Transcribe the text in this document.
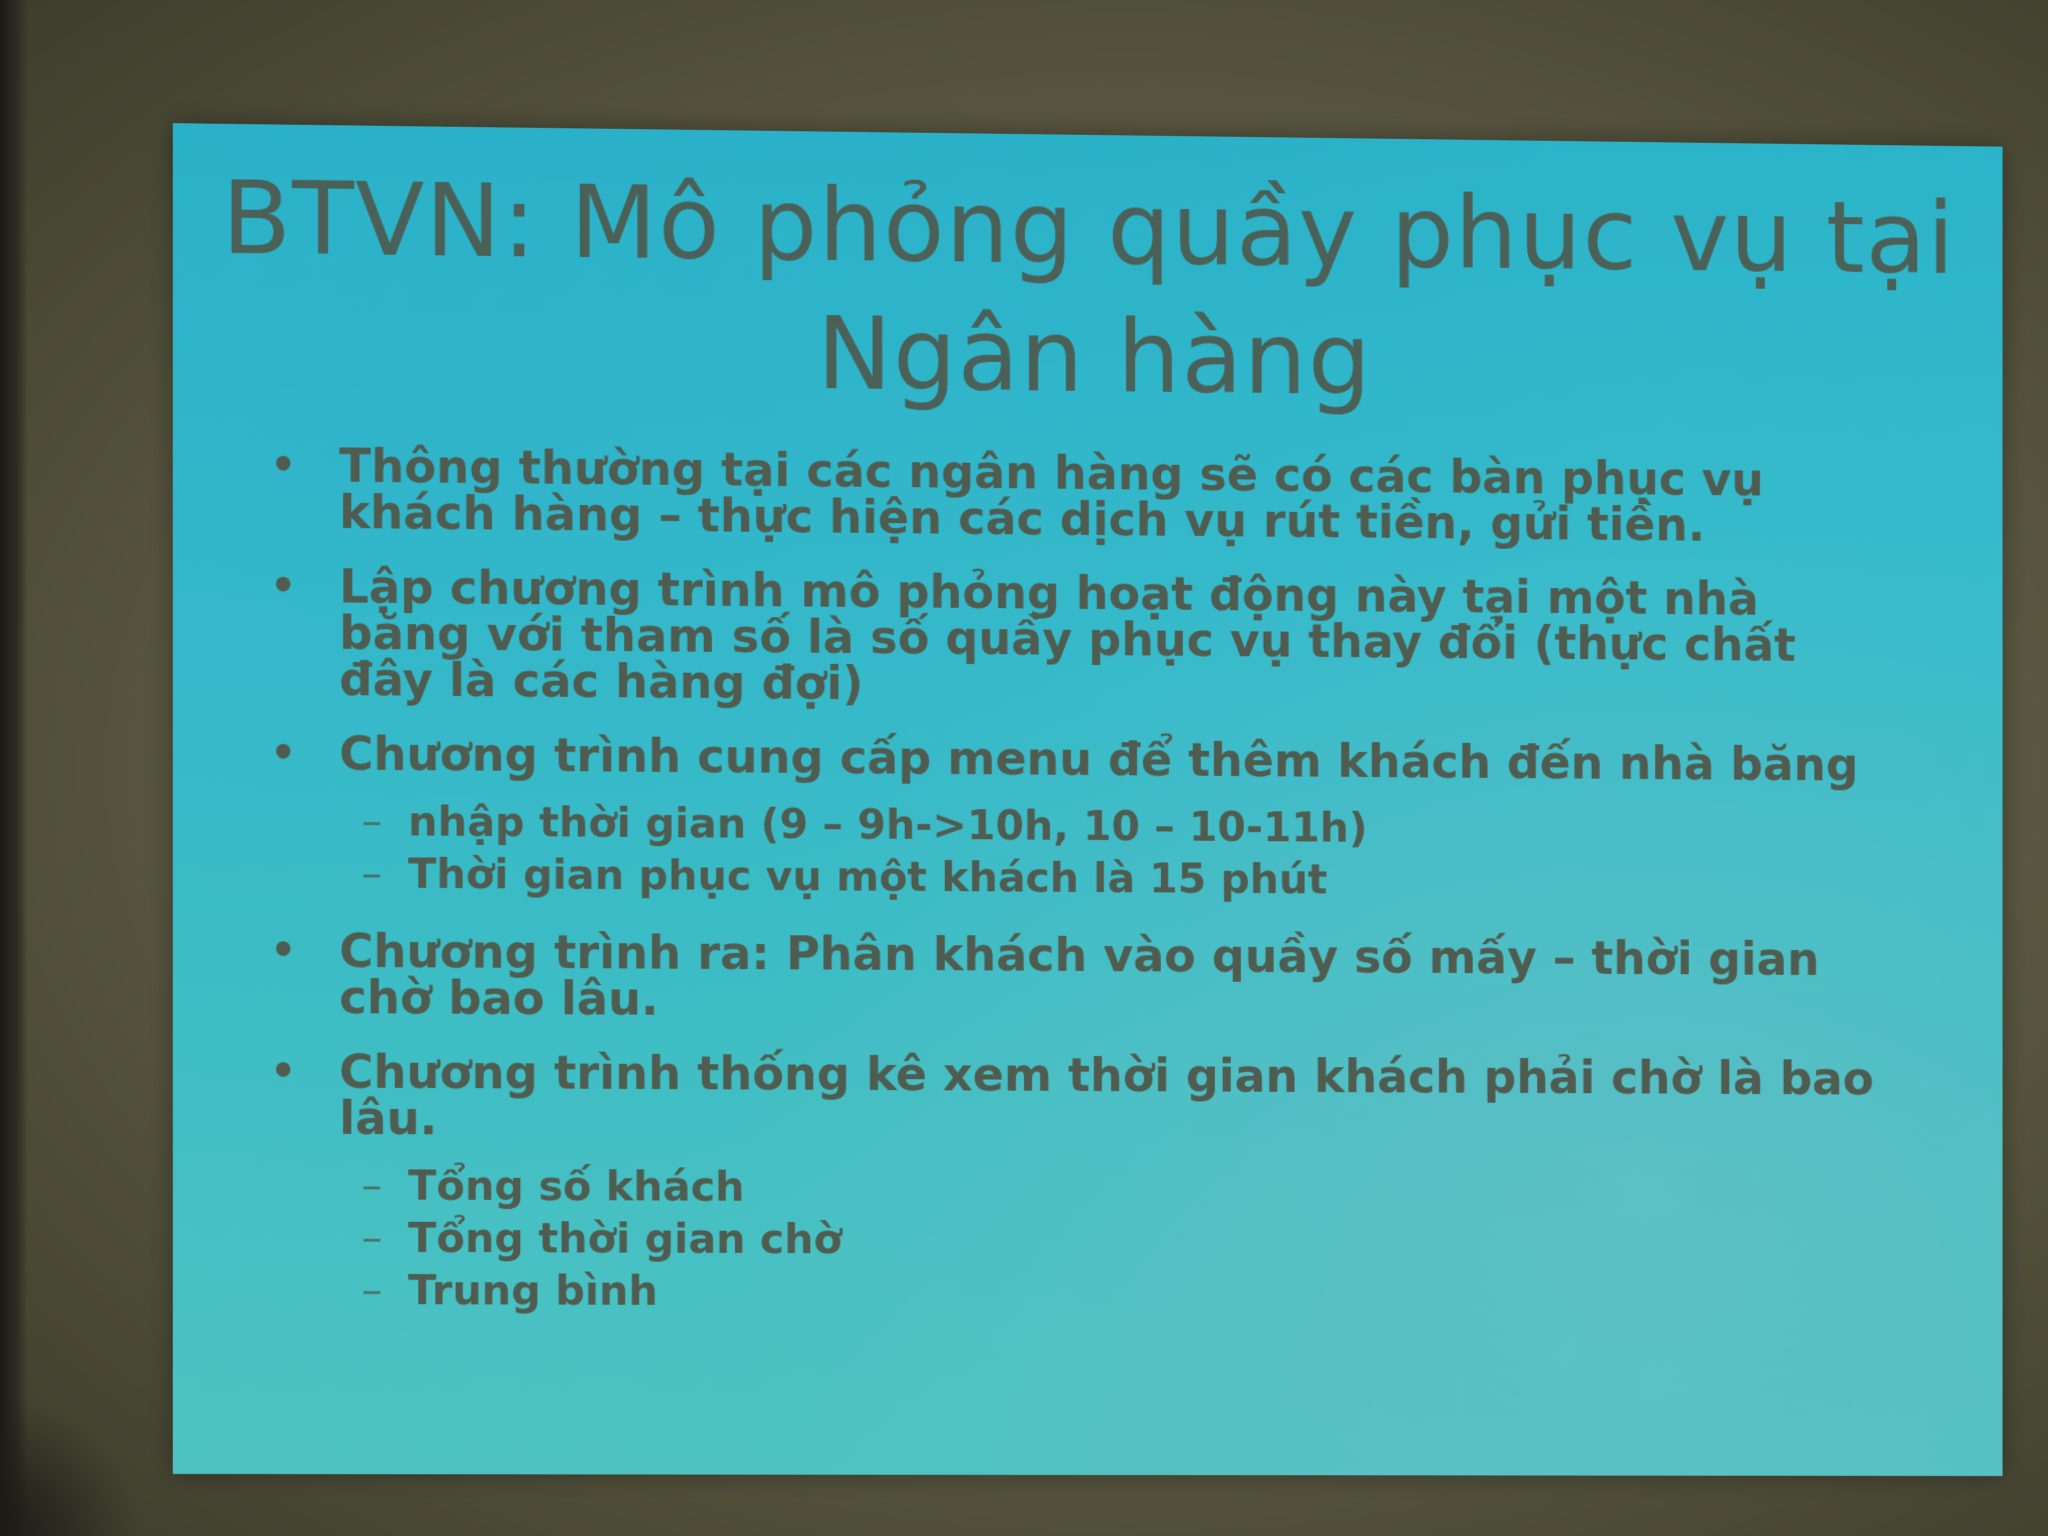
BTVN: Mô phỏng quầy phục vụ tại Ngân hàng
• Thông thường tại các ngân hàng sẽ có các bàn phục vụ khách hàng – thực hiện các dịch vụ rút tiền, gửi tiền.
• Lập chương trình mô phỏng hoạt động này tại một nhà băng với tham số là số quầy phục vụ thay đổi (thực chất đây là các hàng đợi)
• Chương trình cung cấp menu để thêm khách đến nhà băng
– nhập thời gian (9 – 9h->10h, 10 – 10-11h)
– Thời gian phục vụ một khách là 15 phút
• Chương trình ra: Phân khách vào quầy số mấy – thời gian chờ bao lâu.
• Chương trình thống kê xem thời gian khách phải chờ là bao lâu.
– Tổng số khách
– Tổng thời gian chờ
– Trung bình
